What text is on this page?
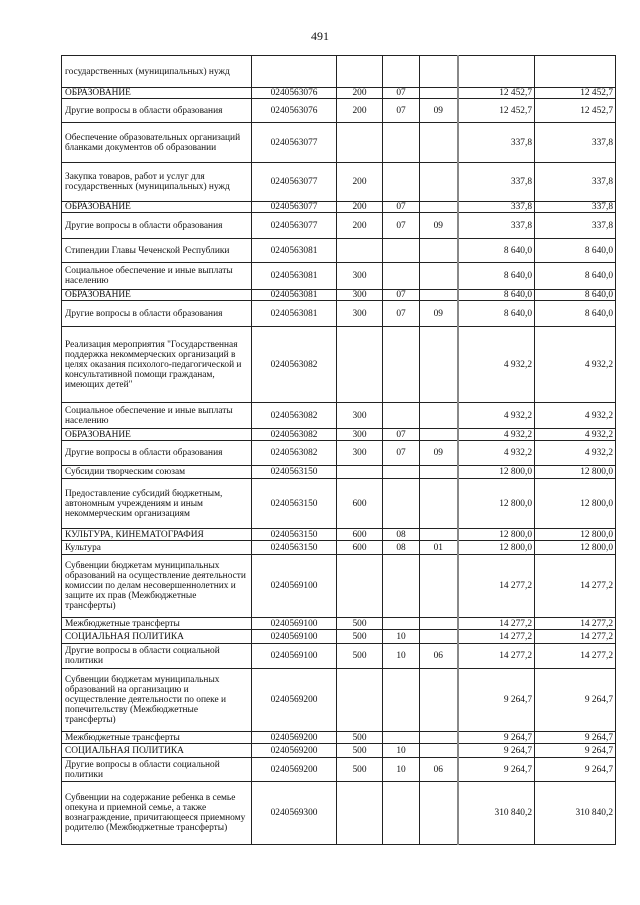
491
государственных (муниципальных) нужд						
ОБРАЗОВАНИЕ	0240563076	200	07		12 452,7	12 452,7
Другие вопросы в области образования	0240563076	200	07	09	12 452,7	12 452,7
Обеспечение образовательных организаций бланками документов об образовании	0240563077				337,8	337,8
Закупка товаров, работ и услуг для государственных (муниципальных) нужд	0240563077	200			337,8	337,8
ОБРАЗОВАНИЕ	0240563077	200	07		337,8	337,8
Другие вопросы в области образования	0240563077	200	07	09	337,8	337,8
Стипендии Главы Чеченской Республики	0240563081				8 640,0	8 640,0
Социальное обеспечение и иные выплаты населению	0240563081	300			8 640,0	8 640,0
ОБРАЗОВАНИЕ	0240563081	300	07		8 640,0	8 640,0
Другие вопросы в области образования	0240563081	300	07	09	8 640,0	8 640,0
Реализация мероприятия "Государственная поддержка некоммерческих организаций в целях оказания психолого-педагогической и консультативной помощи гражданам, имеющих детей"	0240563082				4 932,2	4 932,2
Социальное обеспечение и иные выплаты населению	0240563082	300			4 932,2	4 932,2
ОБРАЗОВАНИЕ	0240563082	300	07		4 932,2	4 932,2
Другие вопросы в области образования	0240563082	300	07	09	4 932,2	4 932,2
Субсидии творческим союзам	0240563150				12 800,0	12 800,0
Предоставление субсидий бюджетным, автономным учреждениям и иным некоммерческим организациям	0240563150	600			12 800,0	12 800,0
КУЛЬТУРА, КИНЕМАТОГРАФИЯ	0240563150	600	08		12 800,0	12 800,0
Культура	0240563150	600	08	01	12 800,0	12 800,0
Субвенции бюджетам муниципальных образований на осуществление деятельности комиссии по делам несовершеннолетних и защите их прав (Межбюджетные трансферты)	0240569100				14 277,2	14 277,2
Межбюджетные трансферты	0240569100	500			14 277,2	14 277,2
СОЦИАЛЬНАЯ ПОЛИТИКА	0240569100	500	10		14 277,2	14 277,2
Другие вопросы в области социальной политики	0240569100	500	10	06	14 277,2	14 277,2
Субвенции бюджетам муниципальных образований на организацию и осуществление деятельности по опеке и попечительству (Межбюджетные трансферты)	0240569200				9 264,7	9 264,7
Межбюджетные трансферты	0240569200	500			9 264,7	9 264,7
СОЦИАЛЬНАЯ ПОЛИТИКА	0240569200	500	10		9 264,7	9 264,7
Другие вопросы в области социальной политики	0240569200	500	10	06	9 264,7	9 264,7
Субвенции на содержание ребенка в семье опекуна и приемной семье, а также вознаграждение, причитающееся приемному родителю (Межбюджетные трансферты)	0240569300				310 840,2	310 840,2
